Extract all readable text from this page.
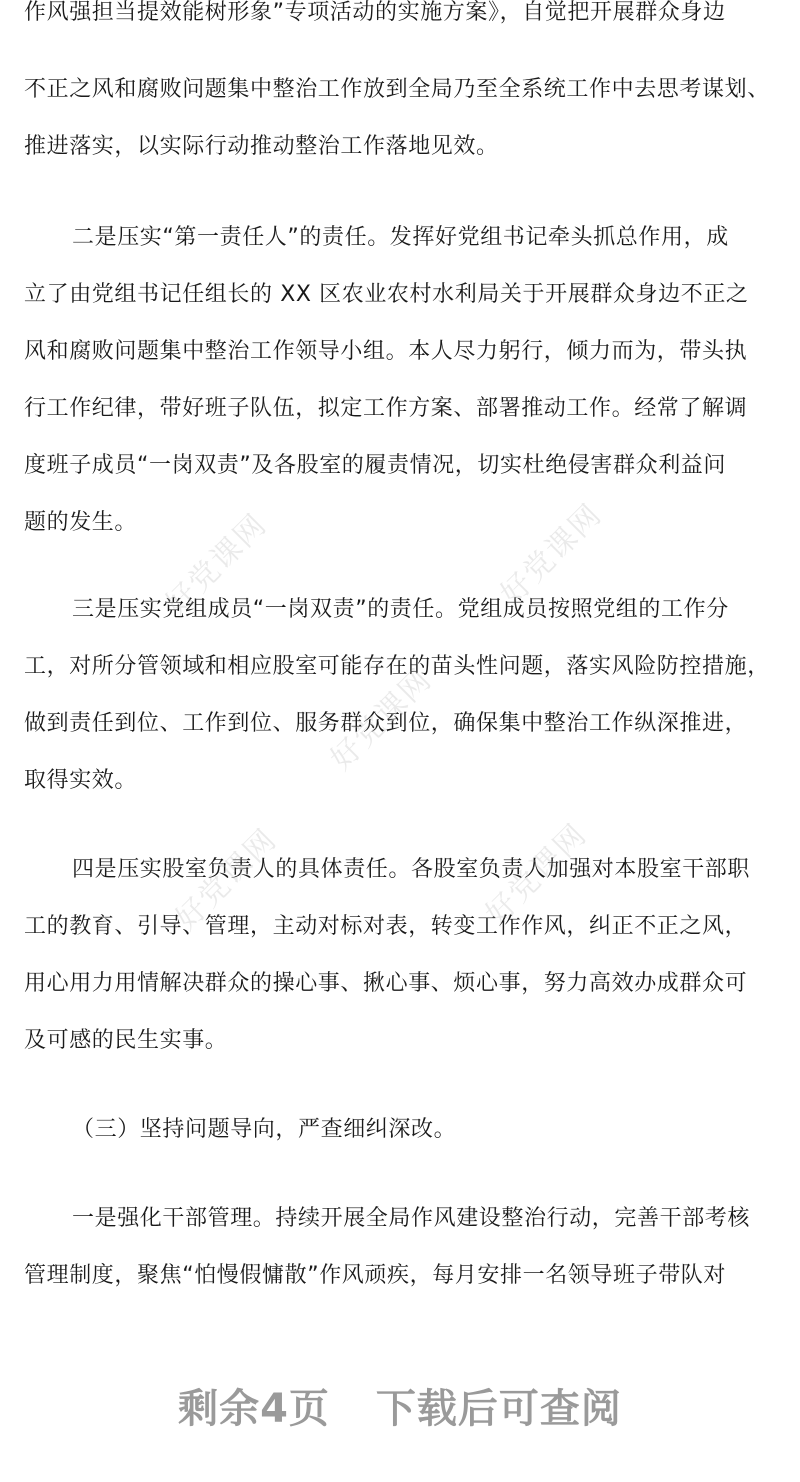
作风强担当提效能树形象”专项活动的实施方案》，自觉把开展群众身边
不正之风和腐败问题集中整治工作放到全局乃至全系统工作中去思考谋划、
推进落实，以实际行动推动整治工作落地见效。
二是压实“第一责任人”的责任。发挥好党组书记牵头抓总作用，成
立了由党组书记任组长的 XX 区农业农村水利局关于开展群众身边不正之
风和腐败问题集中整治工作领导小组。本人尽力躬行，倾力而为，带头执
行工作纪律，带好班子队伍，拟定工作方案、部署推动工作。经常了解调
度班子成员“一岗双责”及各股室的履责情况，切实杜绝侵害群众利益问
题的发生。
三是压实党组成员“一岗双责”的责任。党组成员按照党组的工作分
工，对所分管领域和相应股室可能存在的苗头性问题，落实风险防控措施，
做到责任到位、工作到位、服务群众到位，确保集中整治工作纵深推进，
取得实效。
四是压实股室负责人的具体责任。各股室负责人加强对本股室干部职
工的教育、引导、管理，主动对标对表，转变工作作风，纠正不正之风，
用心用力用情解决群众的操心事、揪心事、烦心事，努力高效办成群众可
及可感的民生实事。
（三）坚持问题导向，严查细纠深改。
一是强化干部管理。持续开展全局作风建设整治行动，完善干部考核
管理制度，聚焦“怕慢假慵散”作风顽疾，每月安排一名领导班子带队对
好党课网	好党课网
好党课网
好党课网	好党课网
剩余4页 下载后可查阅
